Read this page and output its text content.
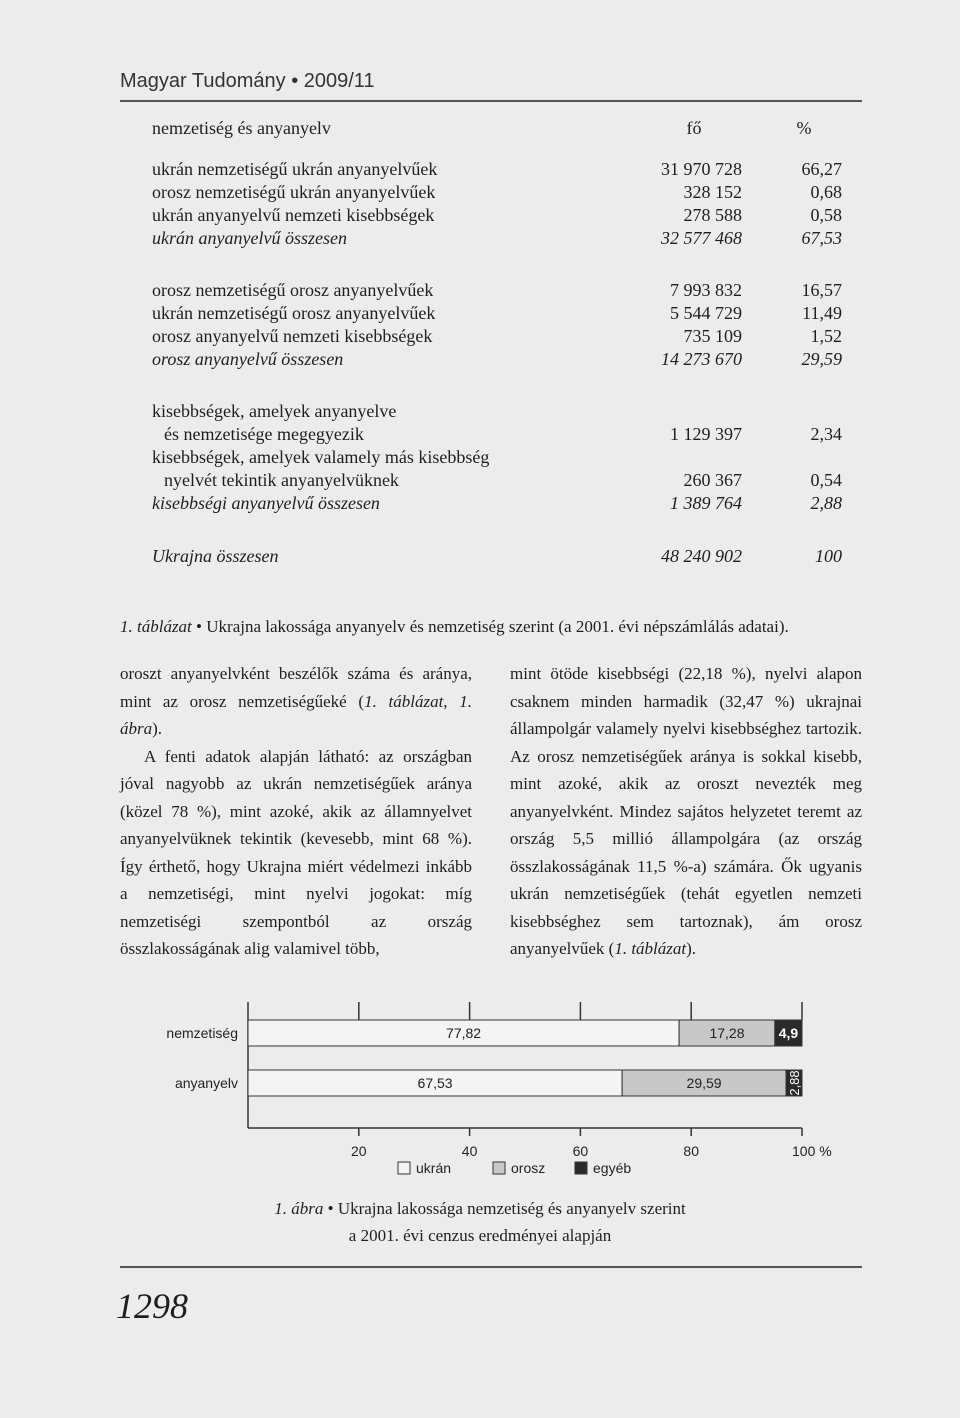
Magyar Tudomány • 2009/11
nemzetiség és anyanyelv	fő	%
ukrán nemzetiségű ukrán anyanyelvűek	31 970 728	66,27
orosz nemzetiségű ukrán anyanyelvűek	328 152	0,68
ukrán anyanyelvű nemzeti kisebbségek	278 588	0,58
ukrán anyanyelvű összesen	32 577 468	67,53
orosz nemzetiségű orosz anyanyelvűek	7 993 832	16,57
ukrán nemzetiségű orosz anyanyelvűek	5 544 729	11,49
orosz anyanyelvű nemzeti kisebbségek	735 109	1,52
orosz anyanyelvű összesen	14 273 670	29,59
kisebbségek, amelyek anyanyelve
és nemzetisége megegyezik	1 129 397	2,34
kisebbségek, amelyek valamely más kisebbség
nyelvét tekintik anyanyelvüknek	260 367	0,54
kisebbségi anyanyelvű összesen	1 389 764	2,88
Ukrajna összesen	48 240 902	100
1. táblázat • Ukrajna lakossága anyanyelv és nemzetiség szerint (a 2001. évi népszámlálás adatai).

oroszt anyanyelvként beszélők száma és aránya, mint az orosz nemzetiségűeké (1. táblázat, 1. ábra).

A fenti adatok alapján látható: az országban jóval nagyobb az ukrán nemzetiségűek aránya (közel 78 %), mint azoké, akik az államnyelvet anyanyelvüknek tekintik (kevesebb, mint 68 %). Így érthető, hogy Ukrajna miért védelmezi inkább a nemzetiségi, mint nyelvi jogokat: míg nemzetiségi szempontból az ország összlakosságának alig valamivel több,

mint ötöde kisebbségi (22,18 %), nyelvi alapon csaknem minden harmadik (32,47 %) ukrajnai állampolgár valamely nyelvi kisebbséghez tartozik. Az orosz nemzetiségűek aránya is sokkal kisebb, mint azoké, akik az oroszt nevezték meg anyanyelvként. Mindez sajátos helyzetet teremt az ország 5,5 millió állampolgára (az ország összlakosságának 11,5 %-a) számára. Ők ugyanis ukrán nemzetiségűek (tehát egyetlen nemzeti kisebbséghez sem tartoznak), ám orosz anyanyelvűek (1. táblázat).

20	40	60	80	100 %
nemzetiség	77,82	17,28 4,9
anyanyelv	67,53	29,59	2,88
ukrán	orosz	egyéb
1. ábra • Ukrajna lakossága nemzetiség és anyanyelv szerint
a 2001. évi cenzus eredményei alapján
1298
